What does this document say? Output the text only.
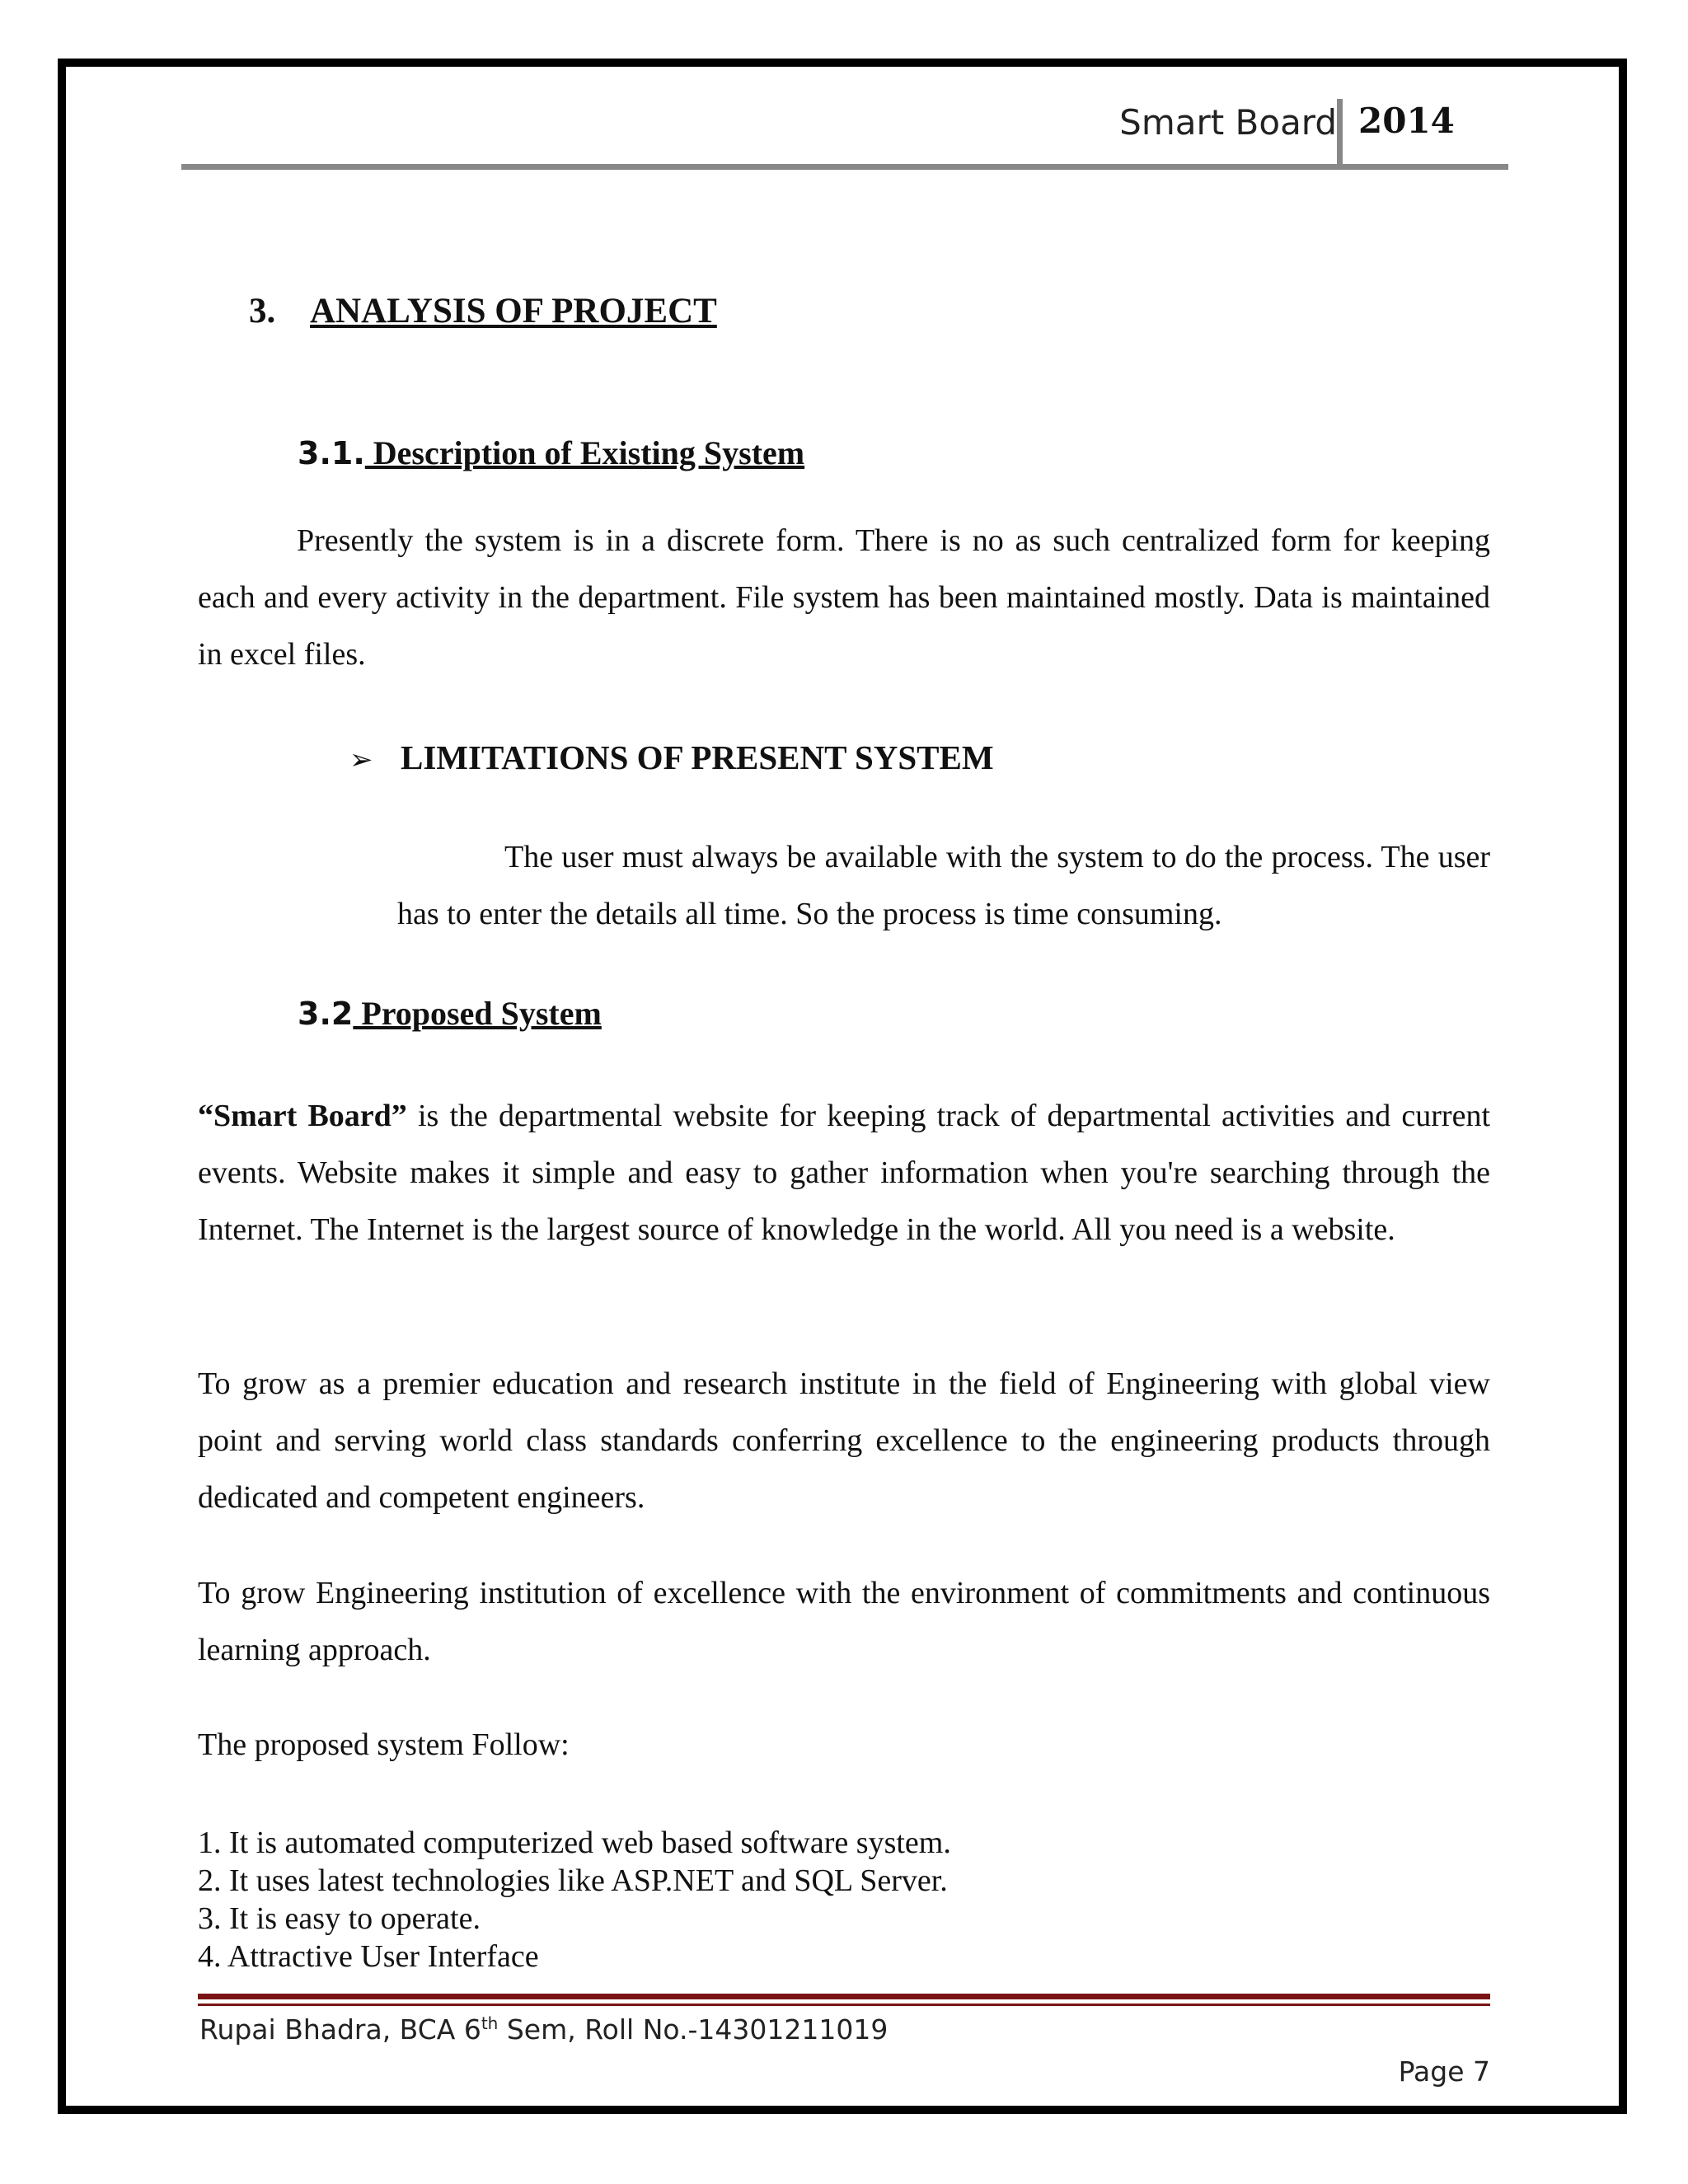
Smart Board 2014
3. ANALYSIS OF PROJECT
3.1. Description of Existing System

Presently the system is in a discrete form. There is no as such centralized form for keeping each and every activity in the department. File system has been maintained mostly. Data is maintained in excel files.

➢ LIMITATIONS OF PRESENT SYSTEM

The user must always be available with the system to do the process. The user has to enter the details all time. So the process is time consuming.

3.2 Proposed System

“Smart Board” is the departmental website for keeping track of departmental activities and current events. Website makes it simple and easy to gather information when you're searching through the Internet. The Internet is the largest source of knowledge in the world. All you need is a website.

To grow as a premier education and research institute in the field of Engineering with global view point and serving world class standards conferring excellence to the engineering products through dedicated and competent engineers.

To grow Engineering institution of excellence with the environment of commitments and continuous learning approach.

The proposed system Follow:

1. It is automated computerized web based software system.
2. It uses latest technologies like ASP.NET and SQL Server.
3. It is easy to operate.
4. Attractive User Interface
Rupai Bhadra, BCA 6th Sem, Roll No.-14301211019
Page 7
